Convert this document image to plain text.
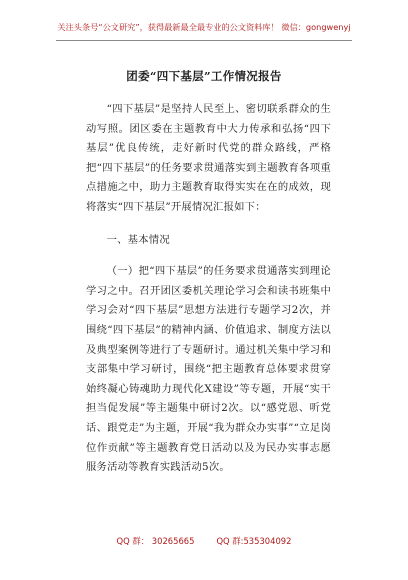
关注头条号“公文研究”，获得最新最全最专业的公文资料库！ 微信：gongwenyj
团委“四下基层”工作情况报告

“四下基层”是坚持人民至上、密切联系群众的生动写照。团区委在主题教育中大力传承和弘扬“四下基层”优良传统，走好新时代党的群众路线，严格把“四下基层”的任务要求贯通落实到主题教育各项重点措施之中，助力主题教育取得实实在在的成效，现将落实“四下基层”开展情况汇报如下：

一、基本情况

（一）把“四下基层”的任务要求贯通落实到理论学习之中。召开团区委机关理论学习会和读书班集中学习会对“四下基层”思想方法进行专题学习2次，并围绕“四下基层”的精神内涵、价值追求、制度方法以及典型案例等进行了专题研讨。通过机关集中学习和支部集中学习研讨，围绕“把主题教育总体要求贯穿始终凝心铸魂助力现代化X建设”等专题，开展“实干担当促发展”等主题集中研讨2次。以“感党恩、听党话、跟党走”为主题，开展“我为群众办实事”“立足岗位作贡献”等主题教育党日活动以及为民办实事志愿服务活动等教育实践活动5次。

QQ 群： 30265665	QQ 群:535304092
